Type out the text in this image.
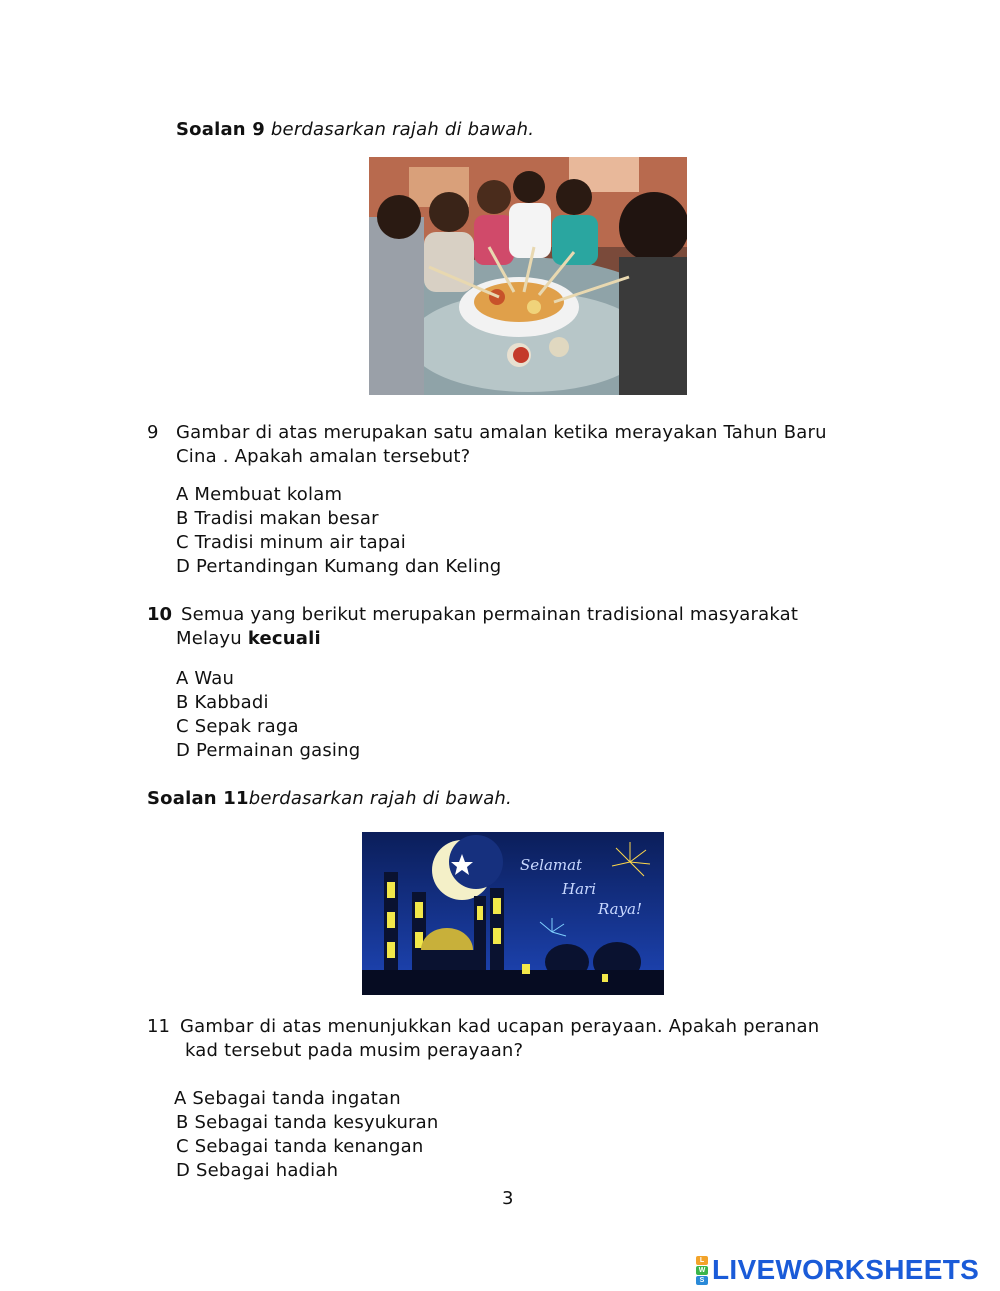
Soalan 9 berdasarkan rajah di bawah.
9 Gambar di atas merupakan satu amalan ketika merayakan Tahun Baru
Cina . Apakah amalan tersebut?
A Membuat kolam
B Tradisi makan besar
C Tradisi minum air tapai
D Pertandingan Kumang dan Keling
10 Semua yang berikut merupakan permainan tradisional masyarakat
Melayu kecuali
A Wau
B Kabbadi
C Sepak raga
D Permainan gasing
Soalan 11berdasarkan rajah di bawah.
Selamat
Hari
Raya!
11 Gambar di atas menunjukkan kad ucapan perayaan. Apakah peranan
kad tersebut pada musim perayaan?
A Sebagai tanda ingatan
B Sebagai tanda kesyukuran
C Sebagai tanda kenangan
D Sebagai hadiah
3
L
W
S LIVEWORKSHEETS
